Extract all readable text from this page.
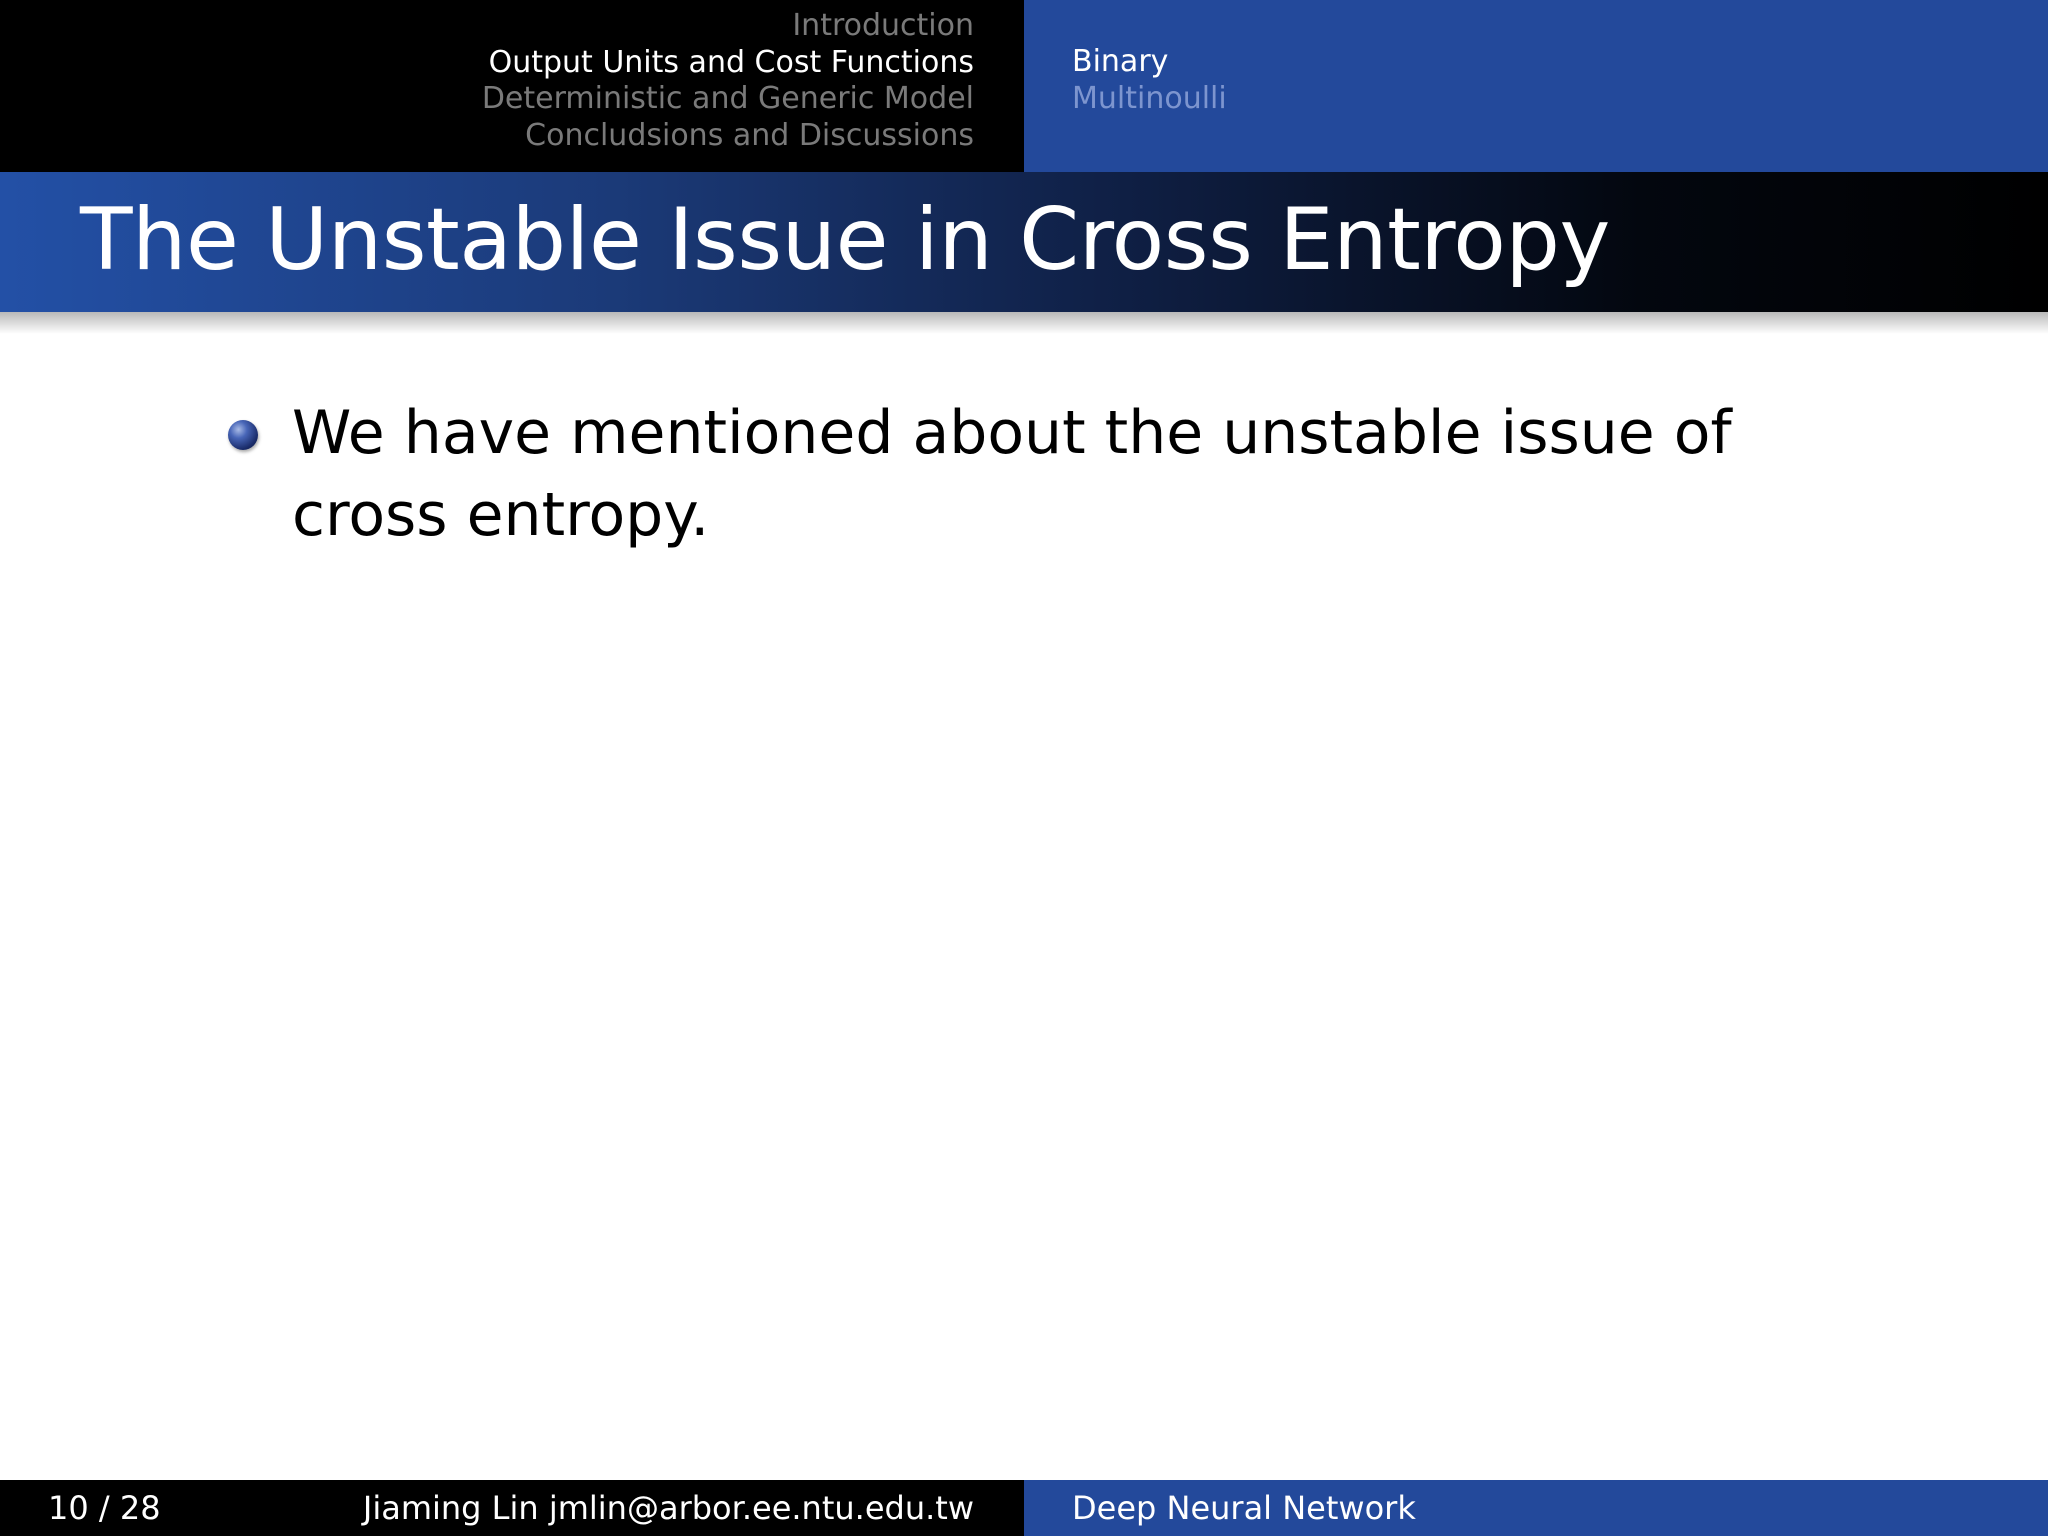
Introduction
Output Units and Cost Functions
Deterministic and Generic Model
Concludsions and Discussions
Binary
Multinoulli
The Unstable Issue in Cross Entropy
We have mentioned about the unstable issue of cross entropy.
10 / 28	Jiaming Lin jmlin@arbor.ee.ntu.edu.tw	Deep Neural Network
